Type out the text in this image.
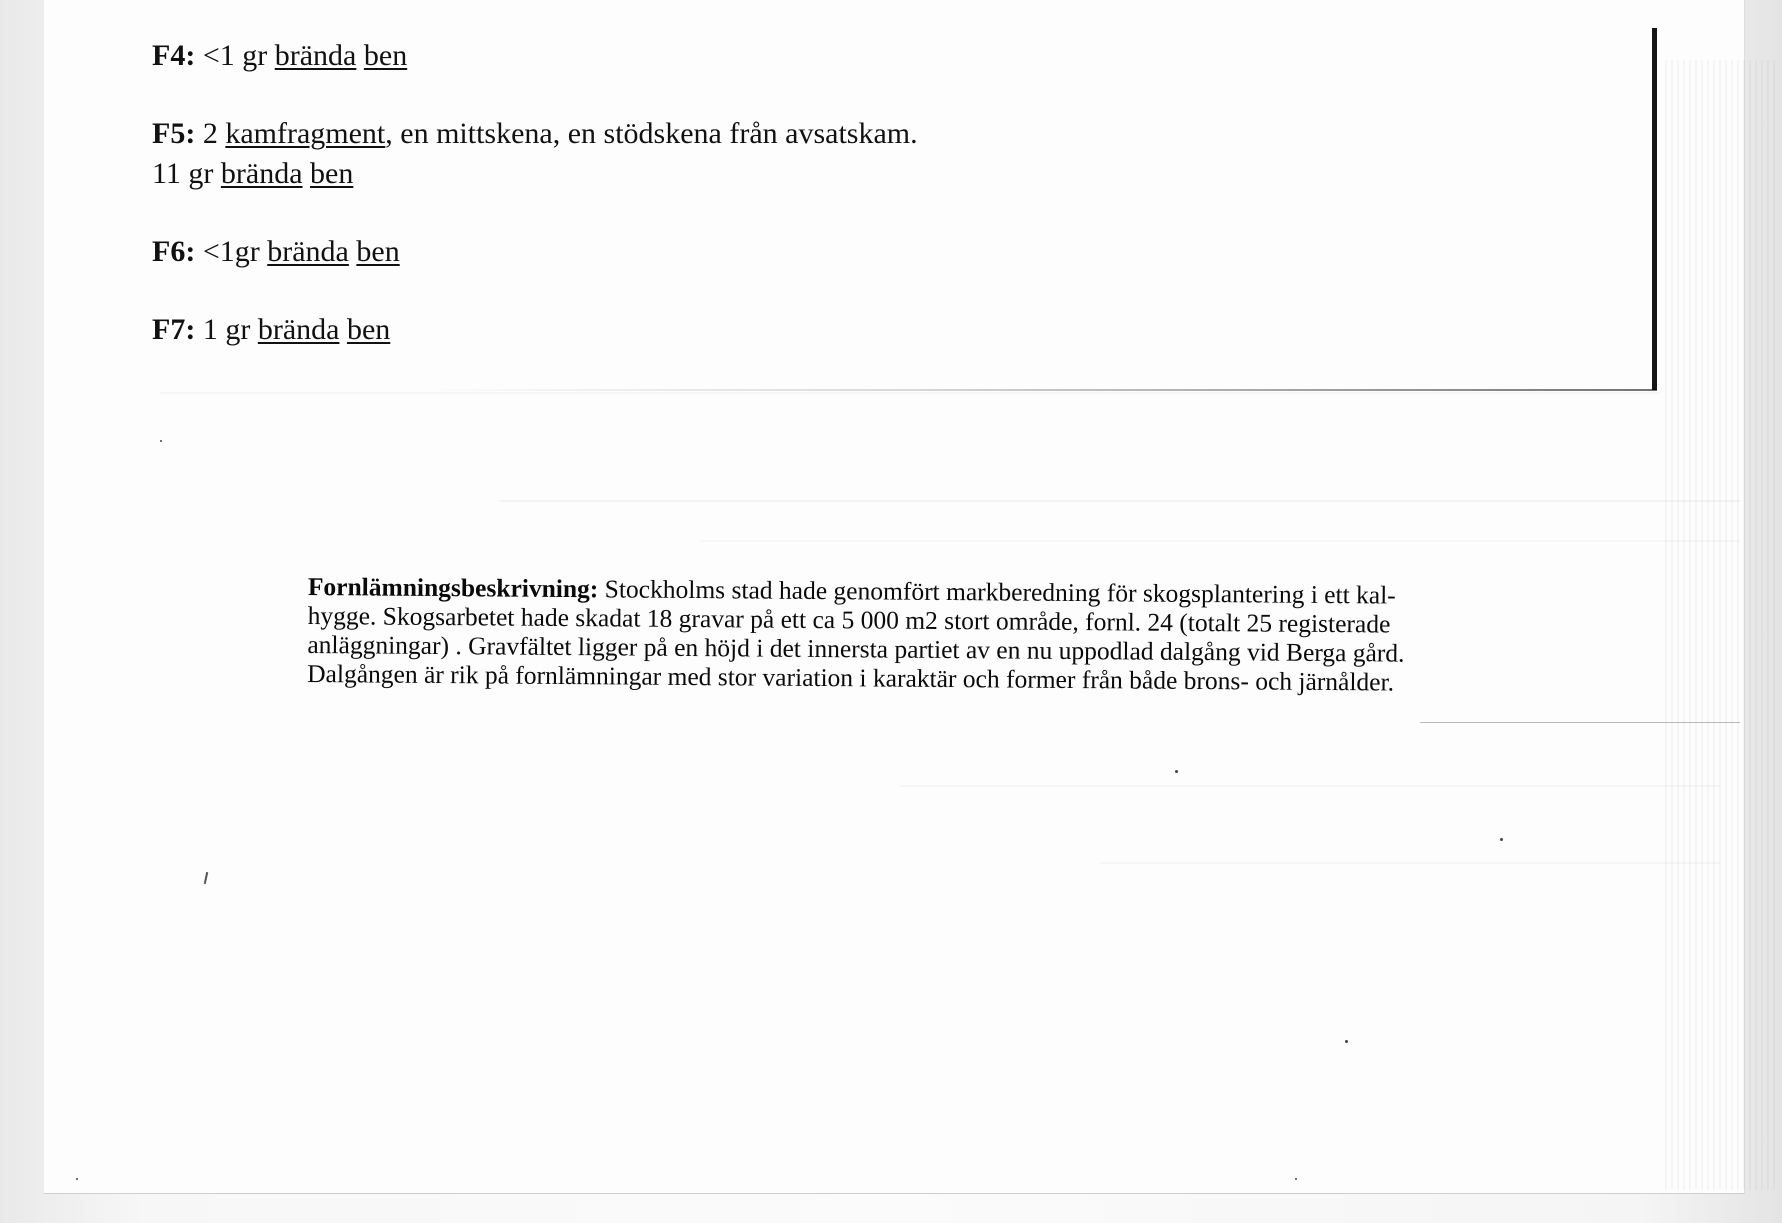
F4: <1 gr brända ben
F5: 2 kamfragment, en mittskena, en stödskena från avsatskam.
11 gr brända ben
F6: <1gr brända ben
F7: 1 gr brända ben
Fornlämningsbeskrivning: Stockholms stad hade genomfört markberedning för skogsplantering i ett kal-
hygge. Skogsarbetet hade skadat 18 gravar på ett ca 5 000 m2 stort område, fornl. 24 (totalt 25 registerade
anläggningar) . Gravfältet ligger på en höjd i det innersta partiet av en nu uppodlad dalgång vid Berga gård.
Dalgången är rik på fornlämningar med stor variation i karaktär och former från både brons- och järnålder.
